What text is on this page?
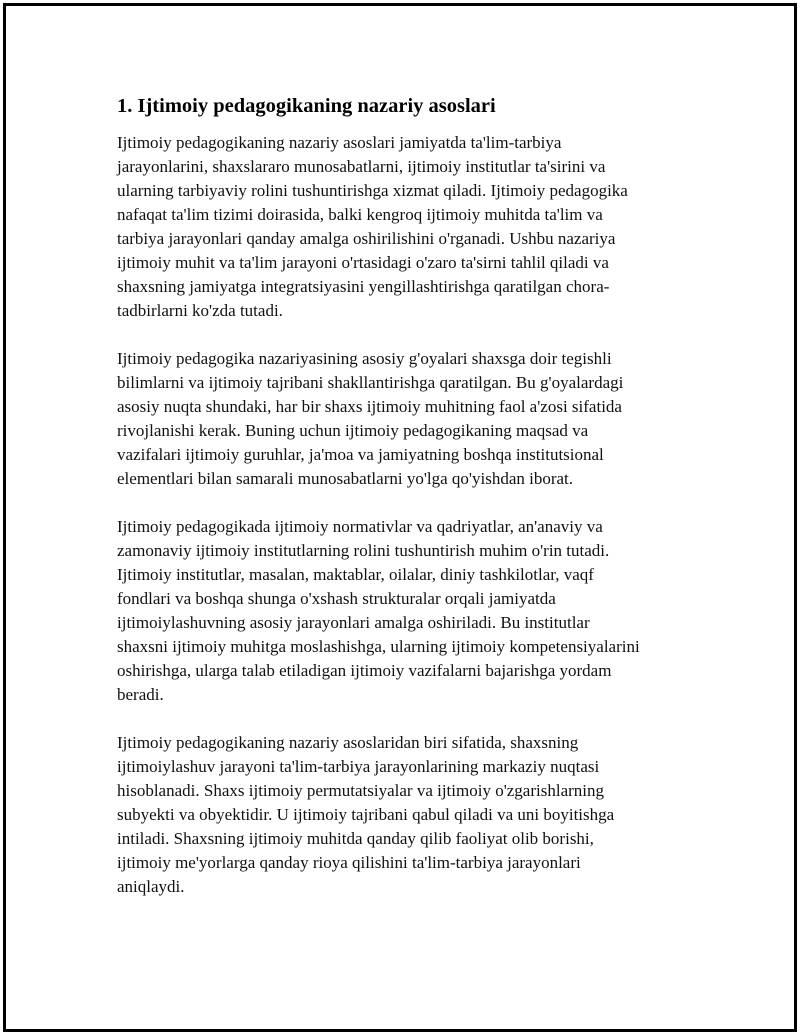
1. Ijtimoiy pedagogikaning nazariy asoslari

Ijtimoiy pedagogikaning nazariy asoslari jamiyatda ta'lim-tarbiya
jarayonlarini, shaxslararo munosabatlarni, ijtimoiy institutlar ta'sirini va
ularning tarbiyaviy rolini tushuntirishga xizmat qiladi. Ijtimoiy pedagogika
nafaqat ta'lim tizimi doirasida, balki kengroq ijtimoiy muhitda ta'lim va
tarbiya jarayonlari qanday amalga oshirilishini o'rganadi. Ushbu nazariya
ijtimoiy muhit va ta'lim jarayoni o'rtasidagi o'zaro ta'sirni tahlil qiladi va
shaxsning jamiyatga integratsiyasini yengillashtirishga qaratilgan chora-
tadbirlarni ko'zda tutadi.

Ijtimoiy pedagogika nazariyasining asosiy g'oyalari shaxsga doir tegishli
bilimlarni va ijtimoiy tajribani shakllantirishga qaratilgan. Bu g'oyalardagi
asosiy nuqta shundaki, har bir shaxs ijtimoiy muhitning faol a'zosi sifatida
rivojlanishi kerak. Buning uchun ijtimoiy pedagogikaning maqsad va
vazifalari ijtimoiy guruhlar, ja'moa va jamiyatning boshqa institutsional
elementlari bilan samarali munosabatlarni yo'lga qo'yishdan iborat.

Ijtimoiy pedagogikada ijtimoiy normativlar va qadriyatlar, an'anaviy va
zamonaviy ijtimoiy institutlarning rolini tushuntirish muhim o'rin tutadi.
Ijtimoiy institutlar, masalan, maktablar, oilalar, diniy tashkilotlar, vaqf
fondlari va boshqa shunga o'xshash strukturalar orqali jamiyatda
ijtimoiylashuvning asosiy jarayonlari amalga oshiriladi. Bu institutlar
shaxsni ijtimoiy muhitga moslashishga, ularning ijtimoiy kompetensiyalarini
oshirishga, ularga talab etiladigan ijtimoiy vazifalarni bajarishga yordam
beradi.

Ijtimoiy pedagogikaning nazariy asoslaridan biri sifatida, shaxsning
ijtimoiylashuv jarayoni ta'lim-tarbiya jarayonlarining markaziy nuqtasi
hisoblanadi. Shaxs ijtimoiy permutatsiyalar va ijtimoiy o'zgarishlarning
subyekti va obyektidir. U ijtimoiy tajribani qabul qiladi va uni boyitishga
intiladi. Shaxsning ijtimoiy muhitda qanday qilib faoliyat olib borishi,
ijtimoiy me'yorlarga qanday rioya qilishini ta'lim-tarbiya jarayonlari
aniqlaydi.
